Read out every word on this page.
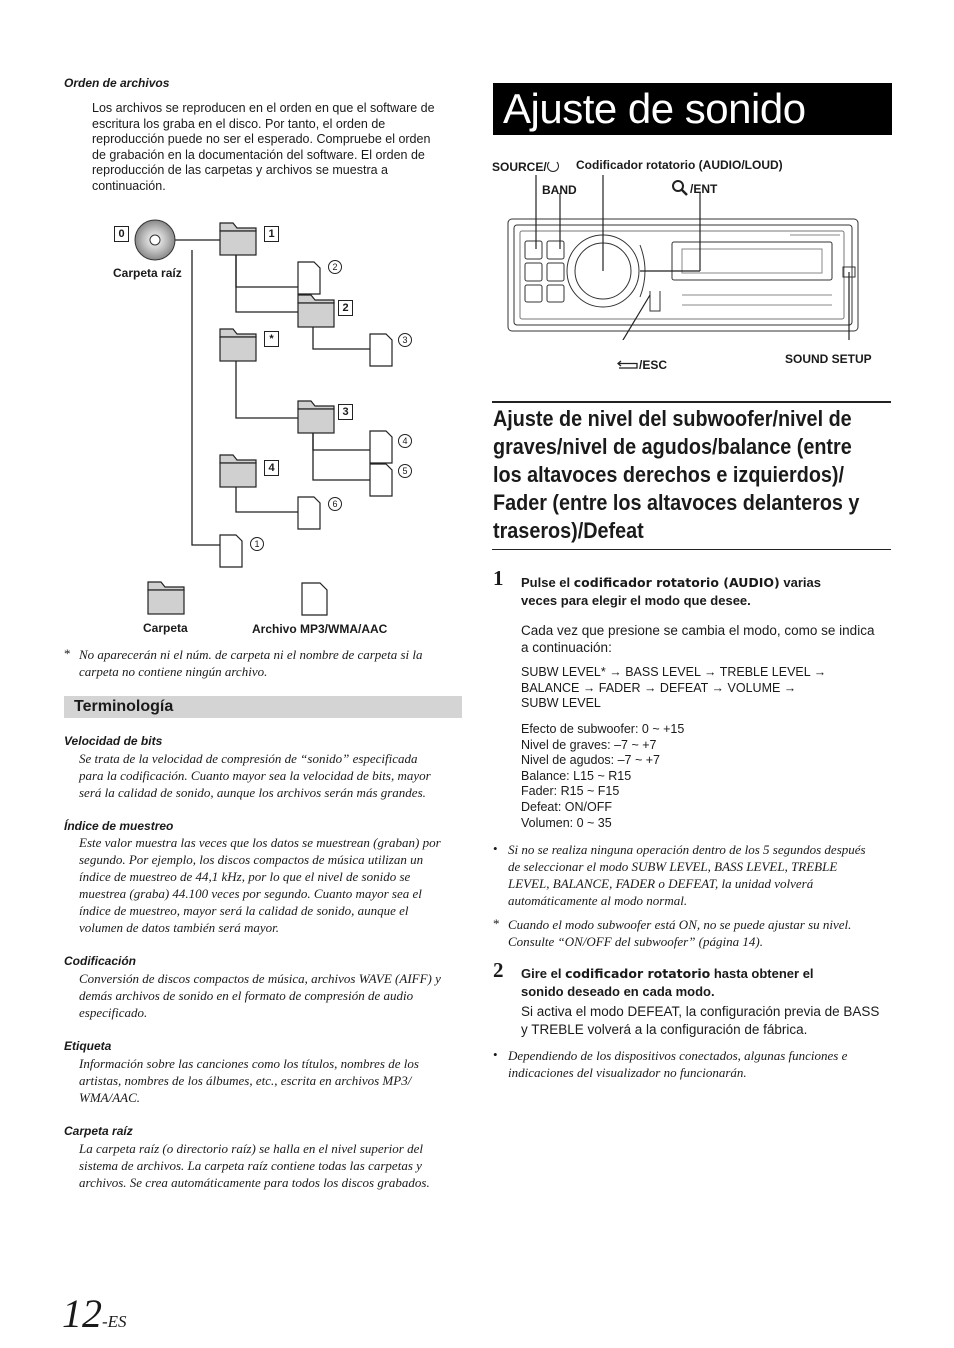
Orden de archivos
Los archivos se reproducen en el orden en que el software de
escritura los graba en el disco. Por tanto, el orden de
reproducción puede no ser el esperado. Compruebe el orden
de grabación en la documentación del software. El orden de
reproducción de las carpetas y archivos se muestra a
continuación.
0	1
2
*
3
4
2
3
4
5
6
1
Carpeta raíz
Carpeta	Archivo MP3/WMA/AAC
* No aparecerán ni el núm. de carpeta ni el nombre de carpeta si la
carpeta no contiene ningún archivo.
Terminología
Velocidad de bits
Se trata de la velocidad de compresión de “sonido” especificada
para la codificación. Cuanto mayor sea la velocidad de bits, mayor
será la calidad de sonido, aunque los archivos serán más grandes.
Índice de muestreo
Este valor muestra las veces que los datos se muestrean (graban) por
segundo. Por ejemplo, los discos compactos de música utilizan un
índice de muestreo de 44,1 kHz, por lo que el nivel de sonido se
muestrea (graba) 44.100 veces por segundo. Cuanto mayor sea el
índice de muestreo, mayor será la calidad de sonido, aunque el
volumen de datos también será mayor.
Codificación
Conversión de discos compactos de música, archivos WAVE (AIFF) y
demás archivos de sonido en el formato de compresión de audio
especificado.
Etiqueta
Información sobre las canciones como los títulos, nombres de los
artistas, nombres de los álbumes, etc., escrita en archivos MP3/
WMA/AAC.
Carpeta raíz
La carpeta raíz (o directorio raíz) se halla en el nivel superior del
sistema de archivos. La carpeta raíz contiene todas las carpetas y
archivos. Se crea automáticamente para todos los discos grabados.
12-ES
Ajuste de sonido
SOURCE/	Codificador rotatorio (AUDIO/LOUD)
BAND	/ENT
/ESC	SOUND SETUP
Ajuste de nivel del subwoofer/nivel de
graves/nivel de agudos/balance (entre
los altavoces derechos e izquierdos)/
Fader (entre los altavoces delanteros y
traseros)/Defeat
1 Pulse el codificador rotatorio (AUDIO) varias
veces para elegir el modo que desee.
Cada vez que presione se cambia el modo, como se indica
a continuación:
SUBW LEVEL* → BASS LEVEL → TREBLE LEVEL →
BALANCE → FADER → DEFEAT → VOLUME →
SUBW LEVEL
Efecto de subwoofer: 0 ~ +15
Nivel de graves: –7 ~ +7
Nivel de agudos: –7 ~ +7
Balance: L15 ~ R15
Fader: R15 ~ F15
Defeat: ON/OFF
Volumen: 0 ~ 35
• Si no se realiza ninguna operación dentro de los 5 segundos después
de seleccionar el modo SUBW LEVEL, BASS LEVEL, TREBLE
LEVEL, BALANCE, FADER o DEFEAT, la unidad volverá
automáticamente al modo normal.
* Cuando el modo subwoofer está ON, no se puede ajustar su nivel.
Consulte “ON/OFF del subwoofer” (página 14).
2 Gire el codificador rotatorio hasta obtener el
sonido deseado en cada modo.
Si activa el modo DEFEAT, la configuración previa de BASS
y TREBLE volverá a la configuración de fábrica.
• Dependiendo de los dispositivos conectados, algunas funciones e
indicaciones del visualizador no funcionarán.
